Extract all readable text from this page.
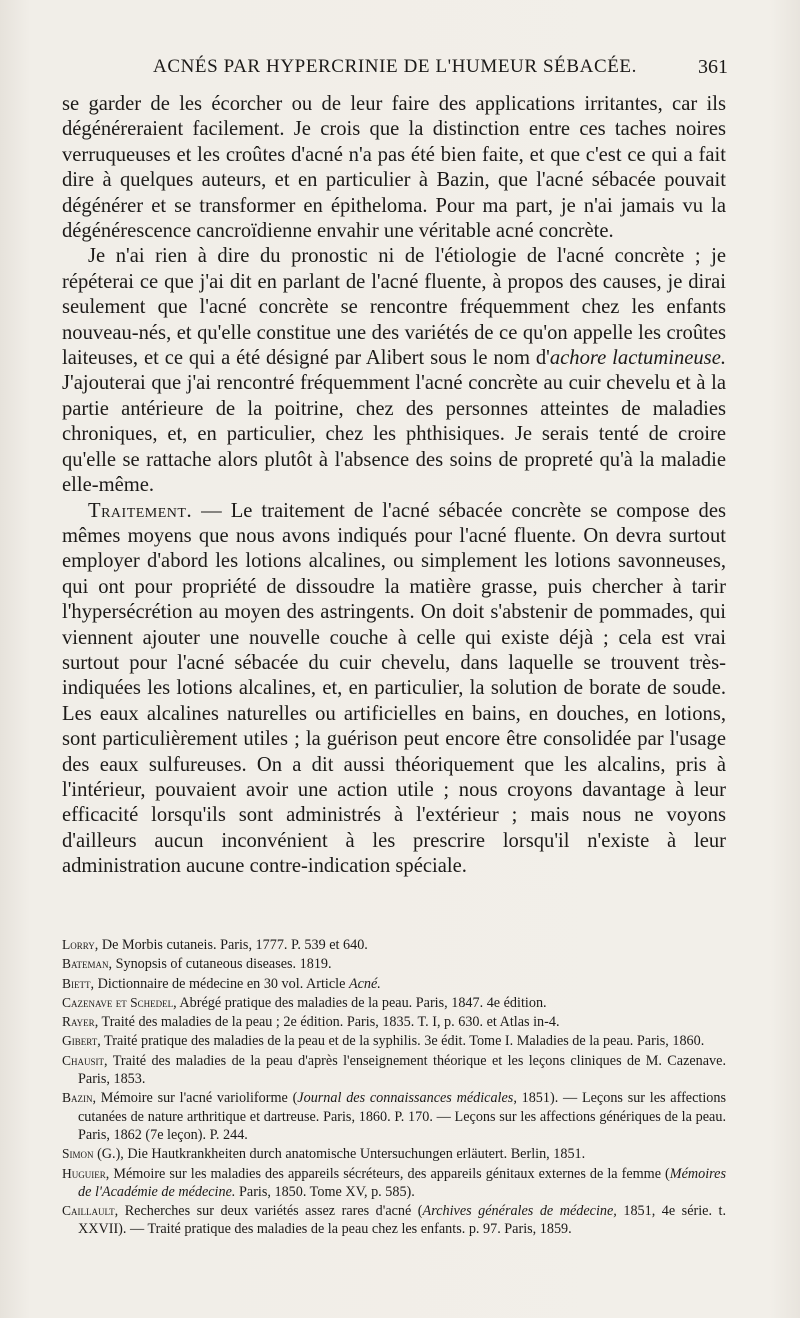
ACNÉS PAR HYPERCRINIE DE L'HUMEUR SÉBACÉE.	361

se garder de les écorcher ou de leur faire des applications irritantes, car ils dégénéreraient facilement. Je crois que la distinction entre ces taches noires verruqueuses et les croûtes d'acné n'a pas été bien faite, et que c'est ce qui a fait dire à quelques auteurs, et en particulier à Bazin, que l'acné sébacée pouvait dégénérer et se transformer en épitheloma. Pour ma part, je n'ai jamais vu la dégénérescence cancroïdienne envahir une véritable acné concrète.

Je n'ai rien à dire du pronostic ni de l'étiologie de l'acné concrète ; je répéterai ce que j'ai dit en parlant de l'acné fluente, à propos des causes, je dirai seulement que l'acné concrète se rencontre fréquemment chez les enfants nouveau-nés, et qu'elle constitue une des variétés de ce qu'on appelle les croûtes laiteuses, et ce qui a été désigné par Alibert sous le nom d'achore lactumineuse. J'ajouterai que j'ai rencontré fréquemment l'acné concrète au cuir chevelu et à la partie antérieure de la poitrine, chez des personnes atteintes de maladies chroniques, et, en particulier, chez les phthisiques. Je serais tenté de croire qu'elle se rattache alors plutôt à l'absence des soins de propreté qu'à la maladie elle-même.

Traitement. — Le traitement de l'acné sébacée concrète se compose des mêmes moyens que nous avons indiqués pour l'acné fluente. On devra surtout employer d'abord les lotions alcalines, ou simplement les lotions savonneuses, qui ont pour propriété de dissoudre la matière grasse, puis chercher à tarir l'hypersécrétion au moyen des astringents. On doit s'abstenir de pommades, qui viennent ajouter une nouvelle couche à celle qui existe déjà ; cela est vrai surtout pour l'acné sébacée du cuir chevelu, dans laquelle se trouvent très-indiquées les lotions alcalines, et, en particulier, la solution de borate de soude. Les eaux alcalines naturelles ou artificielles en bains, en douches, en lotions, sont particulièrement utiles ; la guérison peut encore être consolidée par l'usage des eaux sulfureuses. On a dit aussi théoriquement que les alcalins, pris à l'intérieur, pouvaient avoir une action utile ; nous croyons davantage à leur efficacité lorsqu'ils sont administrés à l'extérieur ; mais nous ne voyons d'ailleurs aucun inconvénient à les prescrire lorsqu'il n'existe à leur administration aucune contre-indication spéciale.

Lorry, De Morbis cutaneis. Paris, 1777. P. 539 et 640.

Bateman, Synopsis of cutaneous diseases. 1819.

Biett, Dictionnaire de médecine en 30 vol. Article Acné.

Cazenave et Schedel, Abrégé pratique des maladies de la peau. Paris, 1847. 4e édition.

Rayer, Traité des maladies de la peau ; 2e édition. Paris, 1835. T. I, p. 630. et Atlas in-4.

Gibert, Traité pratique des maladies de la peau et de la syphilis. 3e édit. Tome I. Maladies de la peau. Paris, 1860.

Chausit, Traité des maladies de la peau d'après l'enseignement théorique et les leçons cliniques de M. Cazenave. Paris, 1853.

Bazin, Mémoire sur l'acné varioliforme (Journal des connaissances médicales, 1851). — Leçons sur les affections cutanées de nature arthritique et dartreuse. Paris, 1860. P. 170. — Leçons sur les affections génériques de la peau. Paris, 1862 (7e leçon). P. 244.

Simon (G.), Die Hautkrankheiten durch anatomische Untersuchungen erläutert. Berlin, 1851.

Huguier, Mémoire sur les maladies des appareils sécréteurs, des appareils génitaux externes de la femme (Mémoires de l'Académie de médecine. Paris, 1850. Tome XV, p. 585).

Caillault, Recherches sur deux variétés assez rares d'acné (Archives générales de médecine, 1851, 4e série. t. XXVII). — Traité pratique des maladies de la peau chez les enfants. p. 97. Paris, 1859.
